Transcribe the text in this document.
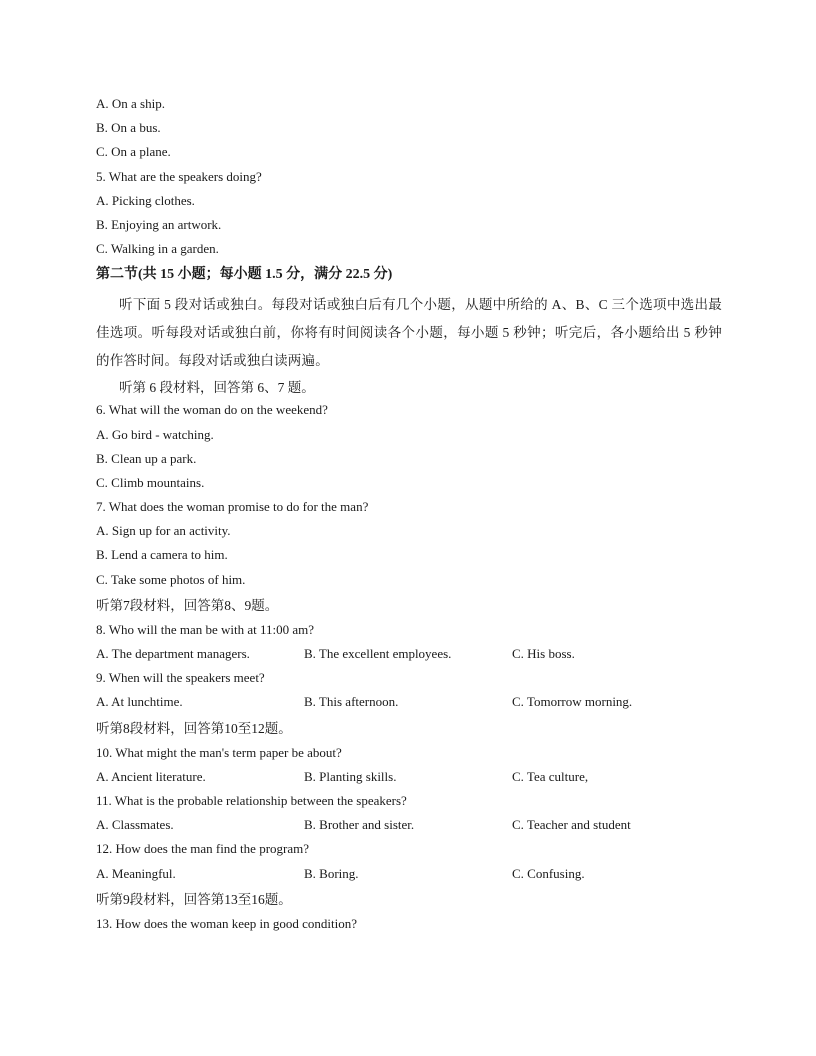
A. On a ship.
B. On a bus.
C. On a plane.
5. What are the speakers doing?
A. Picking clothes.
B. Enjoying an artwork.
C. Walking in a garden.
第二节(共 15 小题；每小题 1.5 分，满分 22.5 分)
听下面 5 段对话或独白。每段对话或独白后有几个小题，从题中所给的 A、B、C 三个选项中选出最佳选项。听每段对话或独白前，你将有时间阅读各个小题，每小题 5 秒钟；听完后，各小题给出 5 秒钟的作答时间。每段对话或独白读两遍。
听第 6 段材料，回答第 6、7 题。
6. What will the woman do on the weekend?
A. Go bird - watching.
B. Clean up a park.
C. Climb mountains.
7. What does the woman promise to do for the man?
A. Sign up for an activity.
B. Lend a camera to him.
C. Take some photos of him.
听第7段材料，回答第8、9题。
8. Who will the man be with at 11:00 am?
A. The department managers.	B. The excellent employees.	C. His boss.
9. When will the speakers meet?
A. At lunchtime.	B. This afternoon.	C. Tomorrow morning.
听第8段材料，回答第10至12题。
10. What might the man's term paper be about?
A. Ancient literature.	B. Planting skills.	C. Tea culture,
11. What is the probable relationship between the speakers?
A. Classmates.	B. Brother and sister.	C. Teacher and student
12. How does the man find the program?
A. Meaningful.	B. Boring.	C. Confusing.
听第9段材料，回答第13至16题。
13. How does the woman keep in good condition?
